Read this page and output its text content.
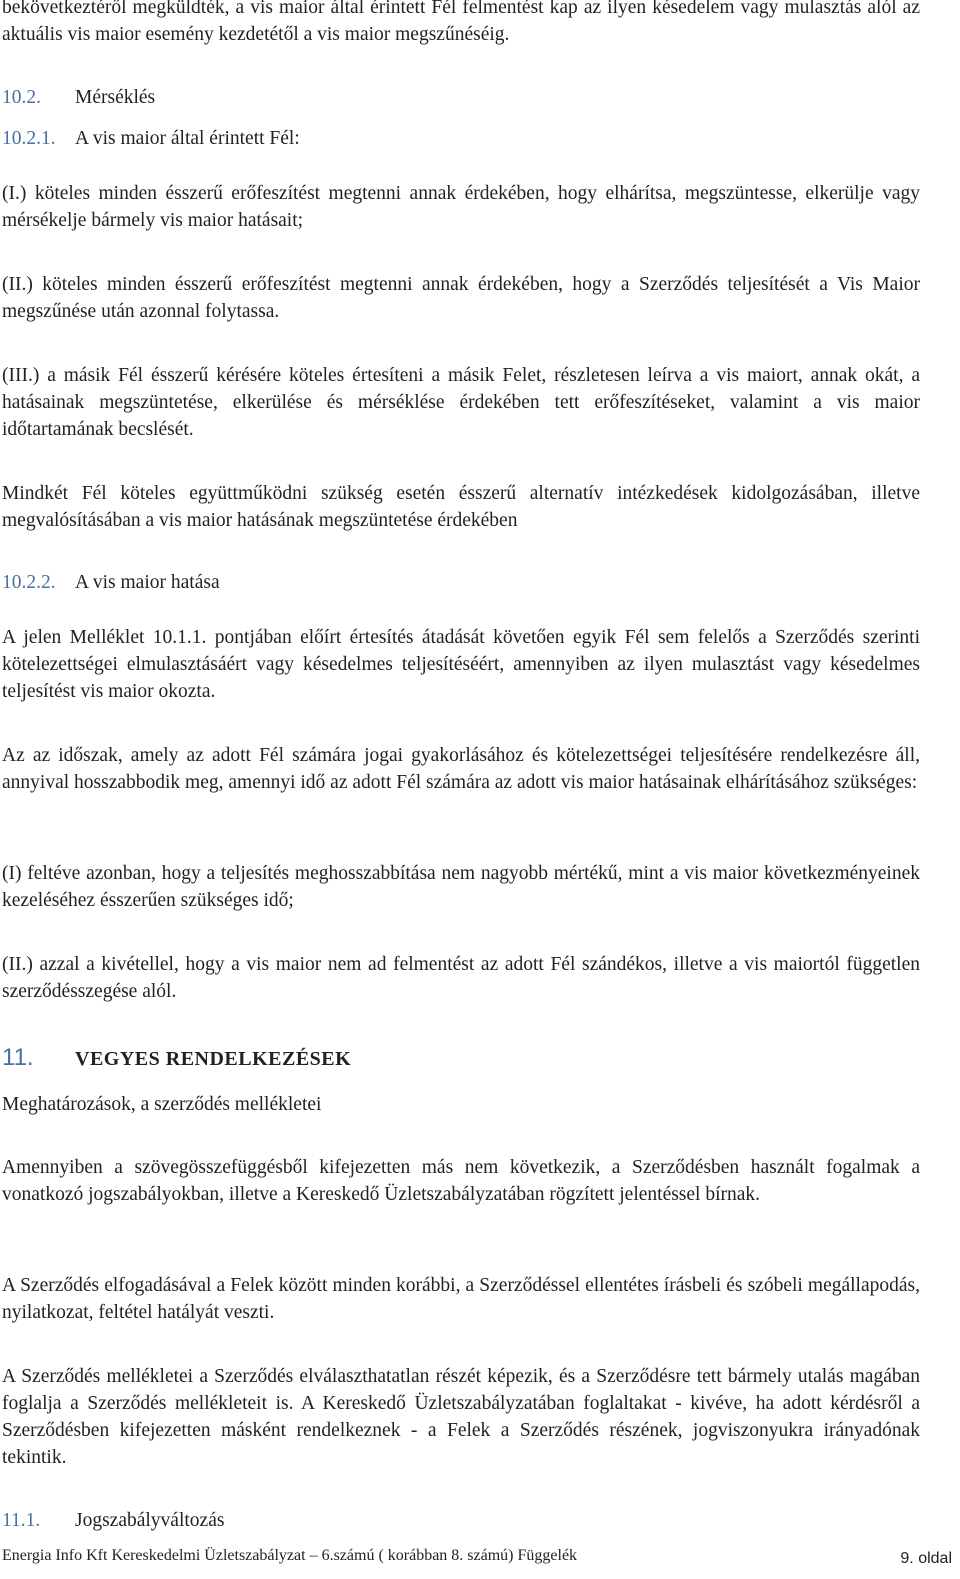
bekövetkeztéről megküldték, a vis maior által érintett Fél felmentést kap az ilyen késedelem vagy mulasztás alól az aktuális vis maior esemény kezdetétől a vis maior megszűnéséig.
10.2. Mérséklés
10.2.1. A vis maior által érintett Fél:
(I.) köteles minden ésszerű erőfeszítést megtenni annak érdekében, hogy elhárítsa, megszüntesse, elkerülje vagy mérsékelje bármely vis maior hatásait;
(II.) köteles minden ésszerű erőfeszítést megtenni annak érdekében, hogy a Szerződés teljesítését a Vis Maior megszűnése után azonnal folytassa.
(III.) a másik Fél ésszerű kérésére köteles értesíteni a másik Felet, részletesen leírva a vis maiort, annak okát, a hatásainak megszüntetése, elkerülése és mérséklése érdekében tett erőfeszítéseket, valamint a vis maior időtartamának becslését.
Mindkét Fél köteles együttműködni szükség esetén ésszerű alternatív intézkedések kidolgozásában, illetve megvalósításában a vis maior hatásának megszüntetése érdekében
10.2.2. A vis maior hatása
A jelen Melléklet 10.1.1. pontjában előírt értesítés átadását követően egyik Fél sem felelős a Szerződés szerinti kötelezettségei elmulasztásáért vagy késedelmes teljesítéséért, amennyiben az ilyen mulasztást vagy késedelmes teljesítést vis maior okozta.
Az az időszak, amely az adott Fél számára jogai gyakorlásához és kötelezettségei teljesítésére rendelkezésre áll, annyival hosszabbodik meg, amennyi idő az adott Fél számára az adott vis maior hatásainak elhárításához szükséges:
(I) feltéve azonban, hogy a teljesítés meghosszabbítása nem nagyobb mértékű, mint a vis maior következményeinek kezeléséhez ésszerűen szükséges idő;
(II.) azzal a kivétellel, hogy a vis maior nem ad felmentést az adott Fél szándékos, illetve a vis maiortól független szerződésszegése alól.
11. VEGYES RENDELKEZÉSEK
Meghatározások, a szerződés mellékletei
Amennyiben a szövegösszefüggésből kifejezetten más nem következik, a Szerződésben használt fogalmak a vonatkozó jogszabályokban, illetve a Kereskedő Üzletszabályzatában rögzített jelentéssel bírnak.
A Szerződés elfogadásával a Felek között minden korábbi, a Szerződéssel ellentétes írásbeli és szóbeli megállapodás, nyilatkozat, feltétel hatályát veszti.
A Szerződés mellékletei a Szerződés elválaszthatatlan részét képezik, és a Szerződésre tett bármely utalás magában foglalja a Szerződés mellékleteit is. A Kereskedő Üzletszabályzatában foglaltakat - kivéve, ha adott kérdésről a Szerződésben kifejezetten másként rendelkeznek - a Felek a Szerződés részének, jogviszonyukra irányadónak tekintik.
11.1. Jogszabályváltozás
Energia Info Kft Kereskedelmi Üzletszabályzat – 6.számú ( korábban 8. számú) Függelék	9. oldal
